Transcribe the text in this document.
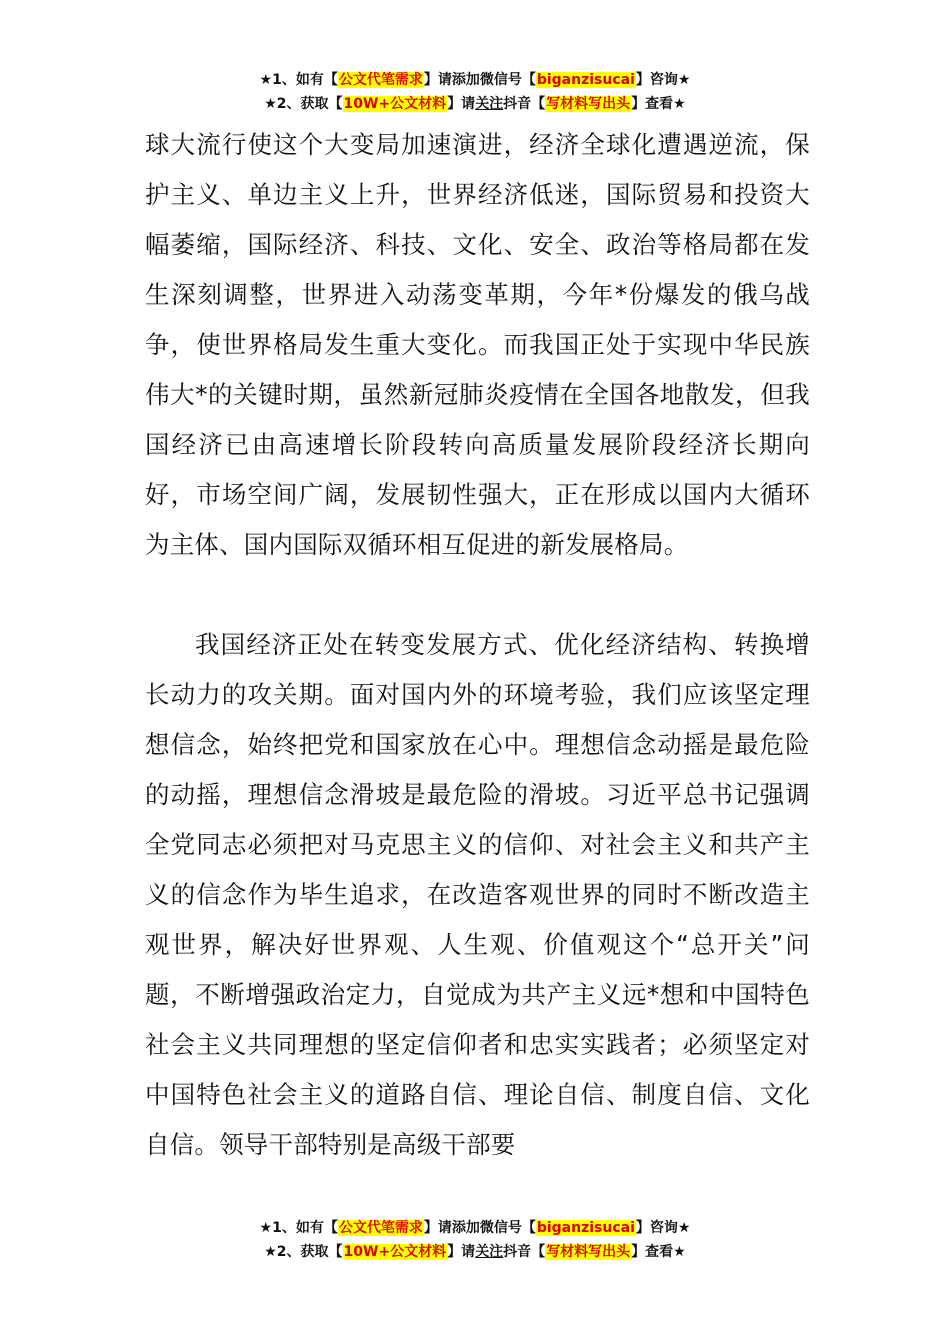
★1、如有【公文代笔需求】请添加微信号【biganzisucai】咨询★
★2、获取【10W+公文材料】请关注抖音【写材料写出头】查看★

球大流行使这个大变局加速演进，经济全球化遭遇逆流，保护主义、单边主义上升，世界经济低迷，国际贸易和投资大幅萎缩，国际经济、科技、文化、安全、政治等格局都在发生深刻调整，世界进入动荡变革期，今年*份爆发的俄乌战争，使世界格局发生重大变化。而我国正处于实现中华民族伟大*的关键时期，虽然新冠肺炎疫情在全国各地散发，但我国经济已由高速增长阶段转向高质量发展阶段经济长期向好，市场空间广阔，发展韧性强大，正在形成以国内大循环为主体、国内国际双循环相互促进的新发展格局。

我国经济正处在转变发展方式、优化经济结构、转换增长动力的攻关期。面对国内外的环境考验，我们应该坚定理想信念，始终把党和国家放在心中。理想信念动摇是最危险的动摇，理想信念滑坡是最危险的滑坡。习近平总书记强调全党同志必须把对马克思主义的信仰、对社会主义和共产主义的信念作为毕生追求，在改造客观世界的同时不断改造主观世界，解决好世界观、人生观、价值观这个“总开关”问题，不断增强政治定力，自觉成为共产主义远*想和中国特色社会主义共同理想的坚定信仰者和忠实实践者；必须坚定对中国特色社会主义的道路自信、理论自信、制度自信、文化自信。领导干部特别是高级干部要

★1、如有【公文代笔需求】请添加微信号【biganzisucai】咨询★
★2、获取【10W+公文材料】请关注抖音【写材料写出头】查看★
